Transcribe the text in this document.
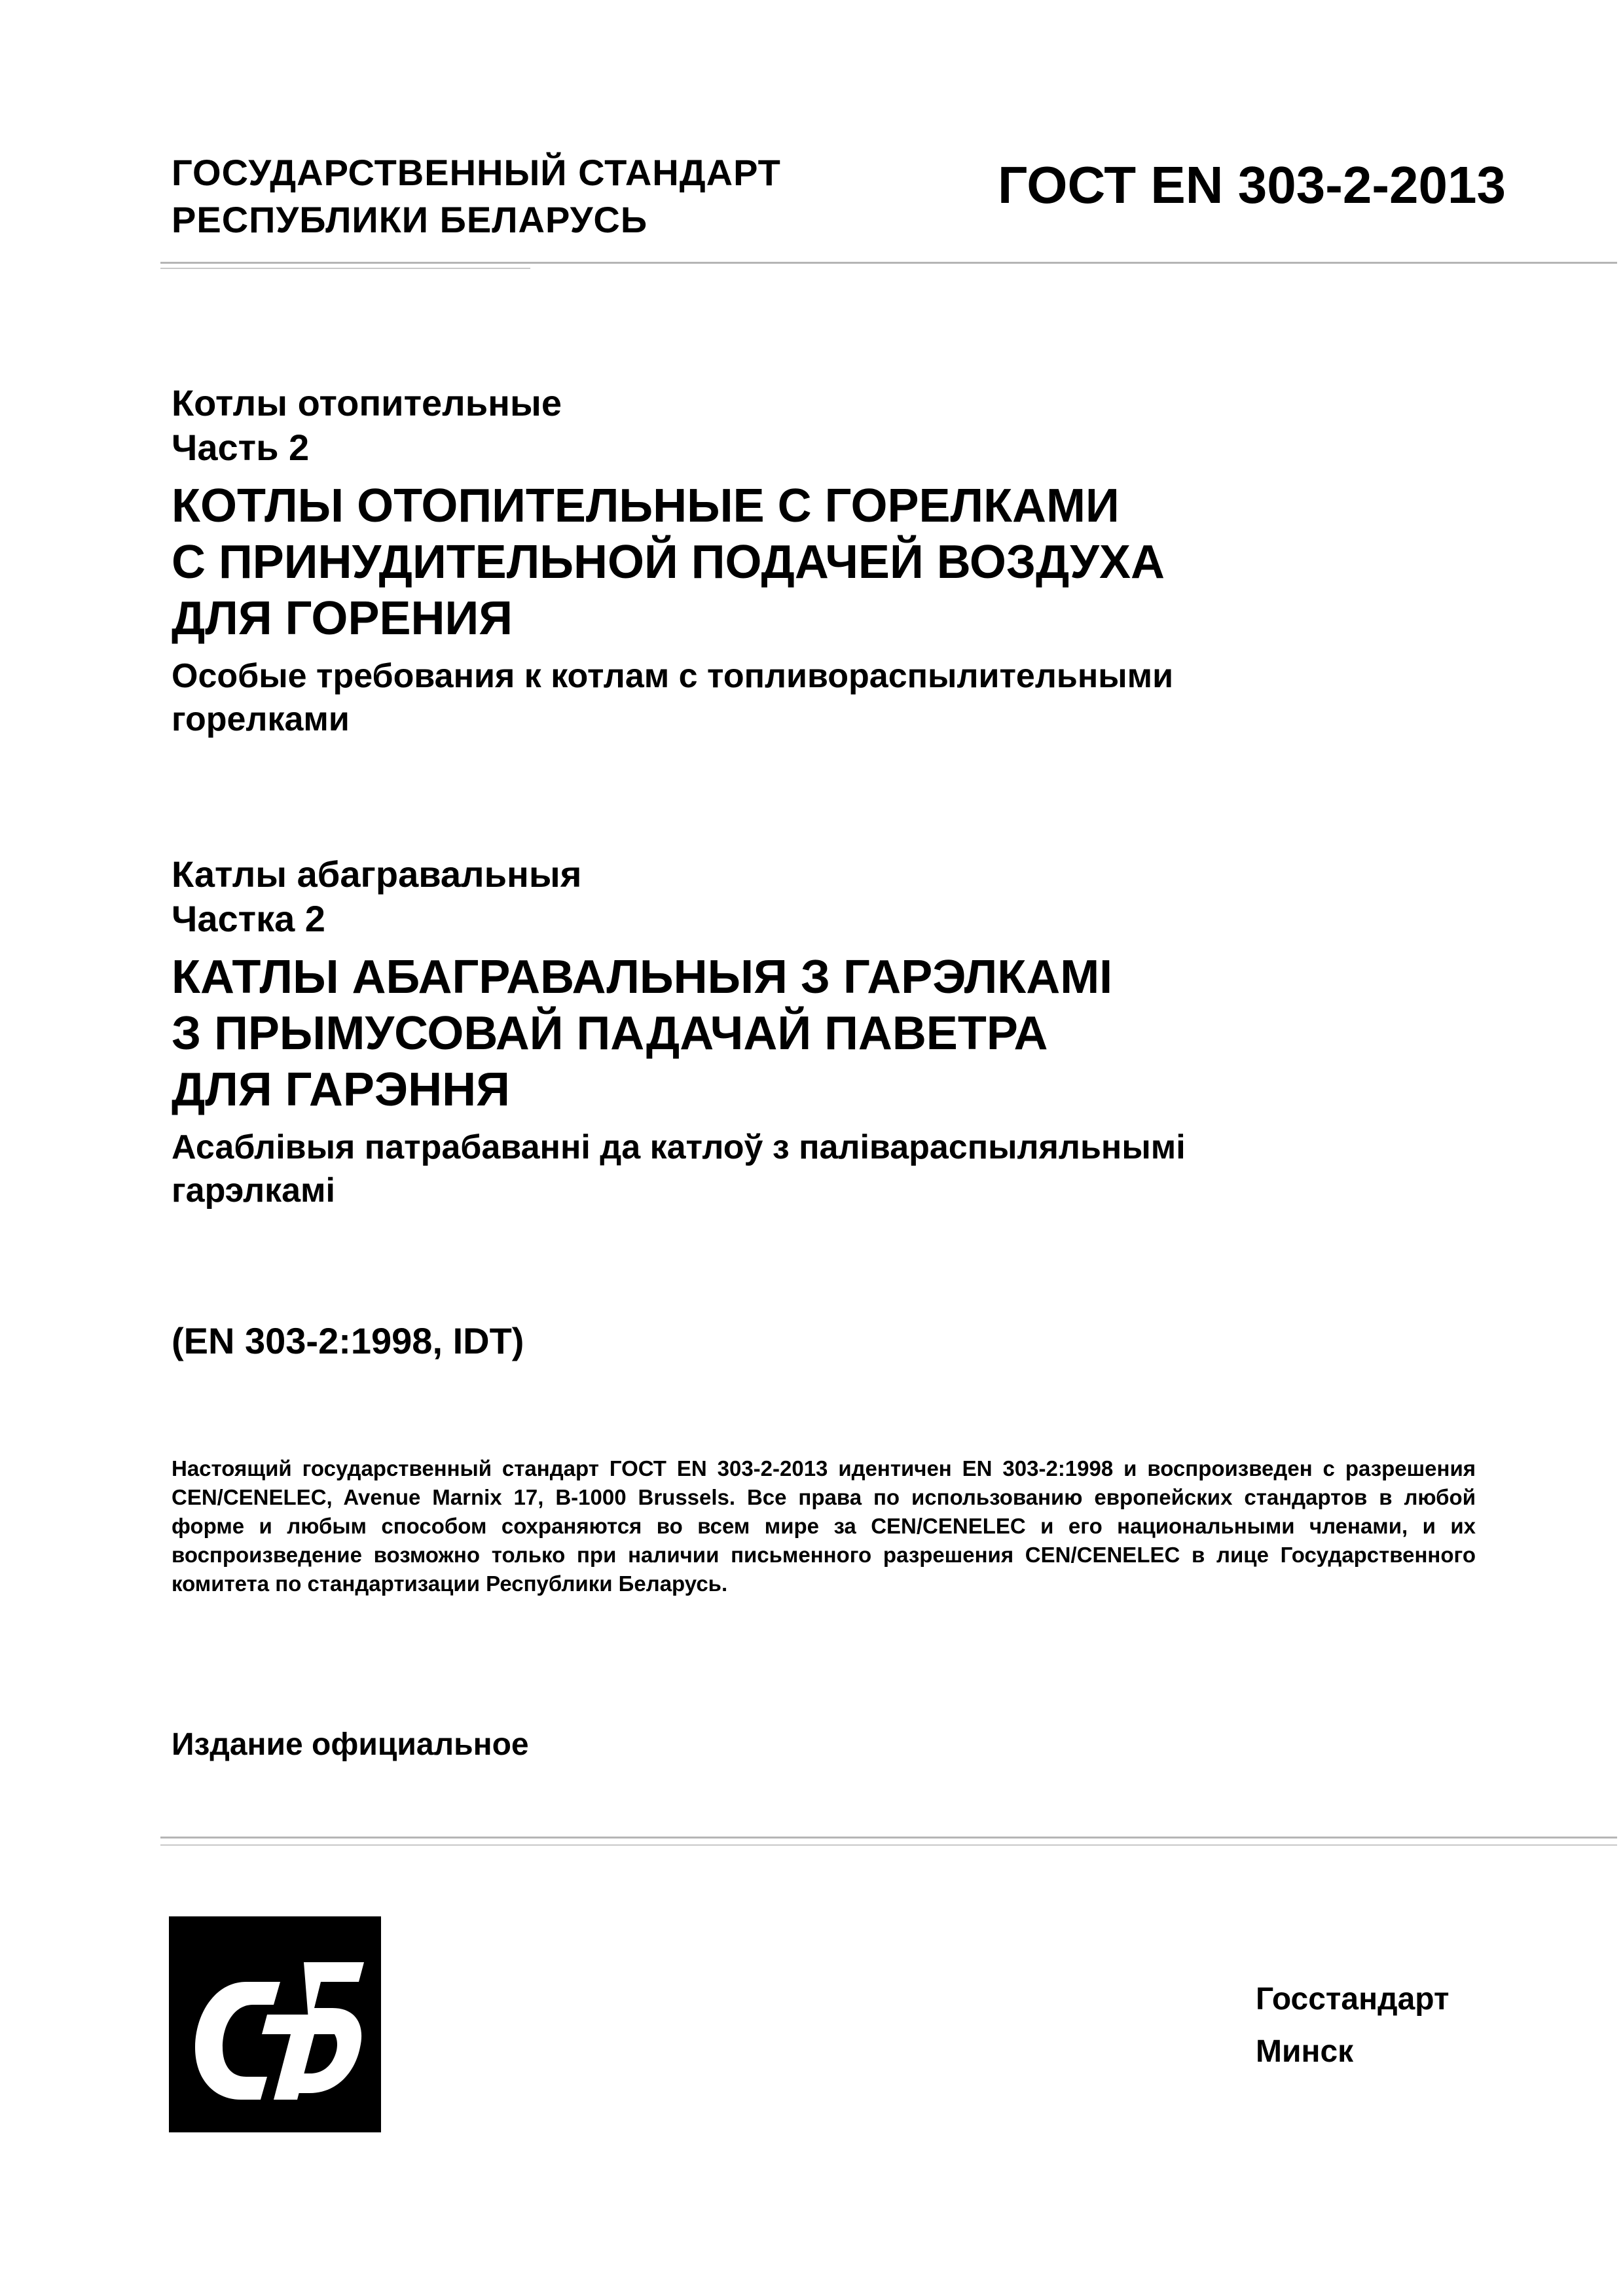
ГОСУДАРСТВЕННЫЙ СТАНДАРТ
РЕСПУБЛИКИ БЕЛАРУСЬ
ГОСТ EN 303-2-2013
Котлы отопительные
Часть 2
КОТЛЫ ОТОПИТЕЛЬНЫЕ С ГОРЕЛКАМИ
С ПРИНУДИТЕЛЬНОЙ ПОДАЧЕЙ ВОЗДУХА
ДЛЯ ГОРЕНИЯ
Особые требования к котлам с топливораспылительными
горелками
Катлы абагравальныя
Частка 2
КАТЛЫ АБАГРАВАЛЬНЫЯ З ГАРЭЛКАМІ
З ПРЫМУСОВАЙ ПАДАЧАЙ ПАВЕТРА
ДЛЯ ГАРЭННЯ
Асаблівыя патрабаванні да катлоў з паліваpаспыляльнымі
гарэлкамі
(EN 303-2:1998, IDT)

Настоящий государственный стандарт ГОСТ EN 303-2-2013 идентичен EN 303-2:1998 и воспроизведен с разрешения CEN/CENELEC, Avenue Marnix 17, B-1000 Brussels. Все права по использованию европейских стандартов в любой форме и любым способом сохраняются во всем мире за CEN/CENELEC и его национальными членами, и их воспроизведение возможно только при наличии письменного разрешения CEN/CENELEC в лице Государственного комитета по стандартизации Республики Беларусь.

Издание официальное
Госстандарт
Минск
